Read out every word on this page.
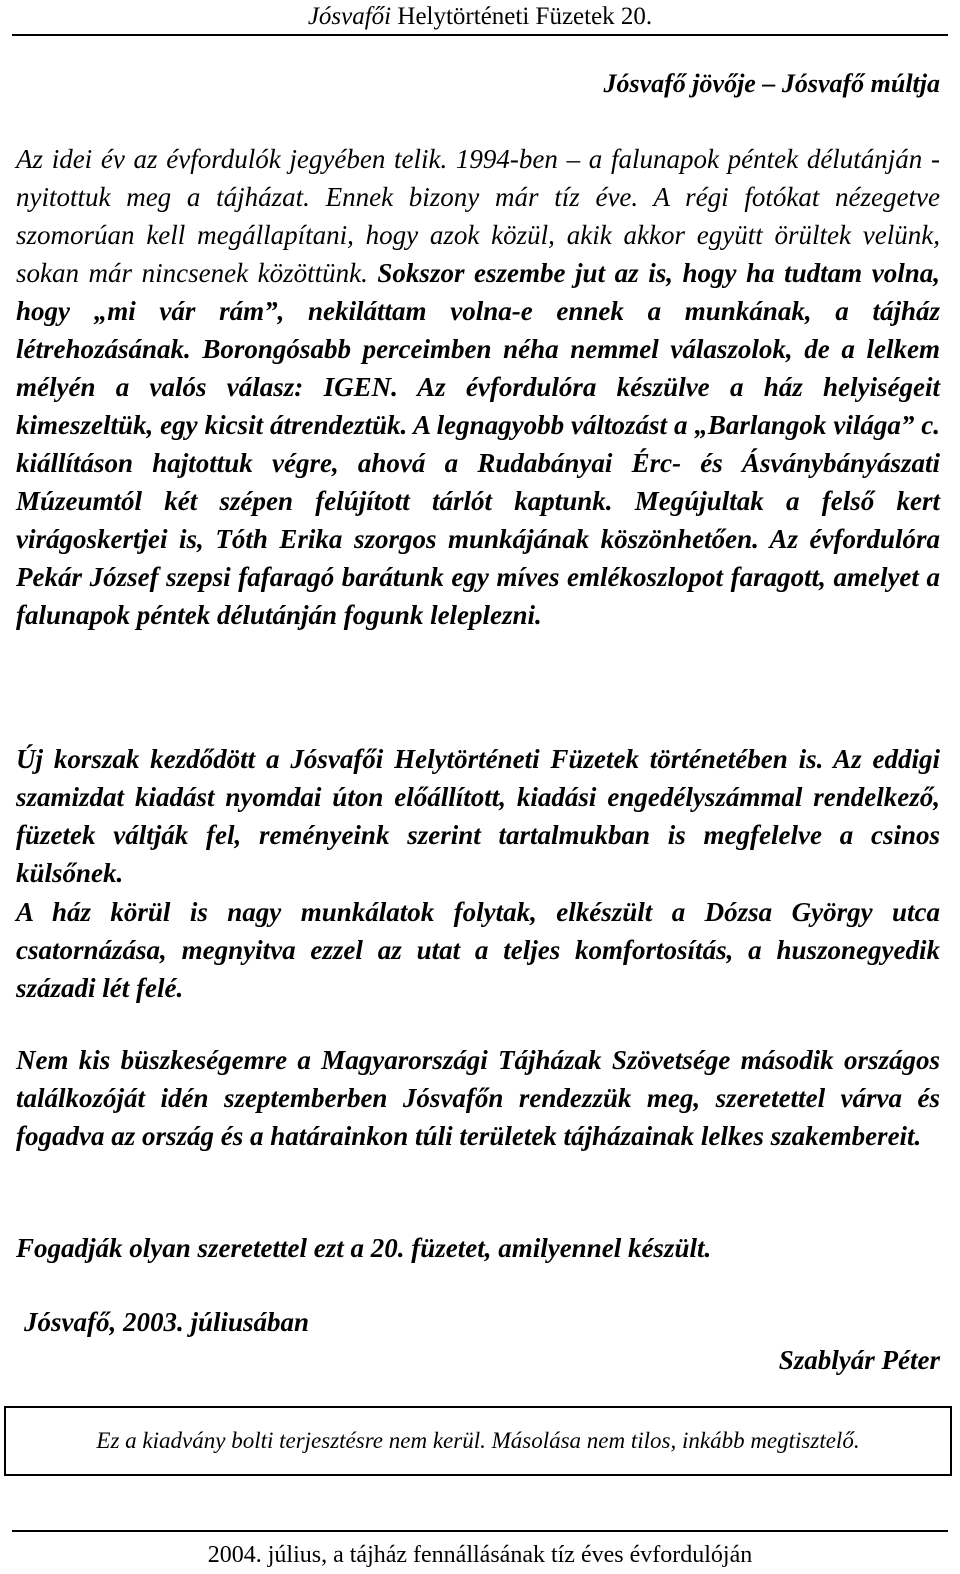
Jósvafői Helytörténeti Füzetek 20.
Jósvafő jövője – Jósvafő múltja

Az idei év az évfordulók jegyében telik. 1994-ben – a falunapok péntek délutánján - nyitottuk meg a tájházat. Ennek bizony már tíz éve. A régi fotókat nézegetve szomorúan kell megállapítani, hogy azok közül, akik akkor együtt örültek velünk, sokan már nincsenek közöttünk. Sokszor eszembe jut az is, hogy ha tudtam volna, hogy „mi vár rám”, nekiláttam volna-e ennek a munkának, a tájház létrehozásának. Borongósabb perceimben néha nemmel válaszolok, de a lelkem mélyén a valós válasz: IGEN. Az évfordulóra készülve a ház helyiségeit kimeszeltük, egy kicsit átrendeztük. A legnagyobb változást a „Barlangok világa” c. kiállításon hajtottuk végre, ahová a Rudabányai Érc- és Ásványbányászati Múzeumtól két szépen felújított tárlót kaptunk. Megújultak a felső kert virágoskertjei is, Tóth Erika szorgos munkájának köszönhetően. Az évfordulóra Pekár József szepsi fafaragó barátunk egy míves emlékoszlopot faragott, amelyet a falunapok péntek délutánján fogunk leleplezni.

Új korszak kezdődött a Jósvafői Helytörténeti Füzetek történetében is. Az eddigi szamizdat kiadást nyomdai úton előállított, kiadási engedélyszámmal rendelkező, füzetek váltják fel, reményeink szerint tartalmukban is megfelelve a csinos külsőnek.

A ház körül is nagy munkálatok folytak, elkészült a Dózsa György utca csatornázása, megnyitva ezzel az utat a teljes komfortosítás, a huszonegyedik századi lét felé.

Nem kis büszkeségemre a Magyarországi Tájházak Szövetsége második országos találkozóját idén szeptemberben Jósvafőn rendezzük meg, szeretettel várva és fogadva az ország és a határainkon túli területek tájházainak lelkes szakembereit.

Fogadják olyan szeretettel ezt a 20. füzetet, amilyennel készült.

Jósvafő, 2003. júliusában
Szablyár Péter
Ez a kiadvány bolti terjesztésre nem kerül. Másolása nem tilos, inkább megtisztelő.
2004. július, a tájház fennállásának tíz éves évfordulóján
